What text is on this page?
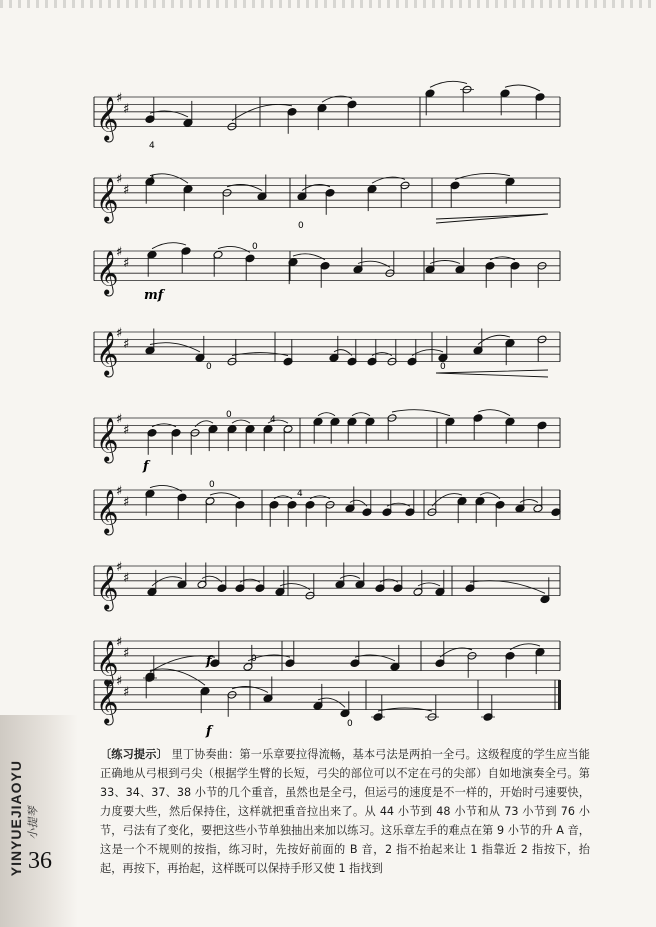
𝄞
♯
♯
𝄞
♯
♯
𝄞
♯
♯
𝄞
♯
♯
𝄞
♯
♯
𝄞
♯
♯
𝄞
♯
♯
𝄞
♯
♯
𝄞
♯
♯
mf
f
f
f
4
4
0
0
0
0
0	4
0
4
0
0
YINYUEJIAOYU 小提琴
36
〔练习提示〕 里丁协奏曲：第一乐章要拉得流畅，基本弓法是两拍一全弓。这级程度的学生应当能正确地从弓根到弓尖（根据学生臂的长短，弓尖的部位可以不定在弓的尖部）自如地演奏全弓。第 33、34、37、38 小节的几个重音，虽然也是全弓，但运弓的速度是不一样的，开始时弓速要快，力度要大些，然后保持住，这样就把重音拉出来了。从 44 小节到 48 小节和从 73 小节到 76 小节，弓法有了变化，要把这些小节单独抽出来加以练习。这乐章左手的难点在第 9 小节的升 A 音，这是一个不规则的按指，练习时，先按好前面的 B 音，2 指不抬起来让 1 指靠近 2 指按下，抬起，再按下，再抬起，这样既可以保持手形又使 1 指找到
